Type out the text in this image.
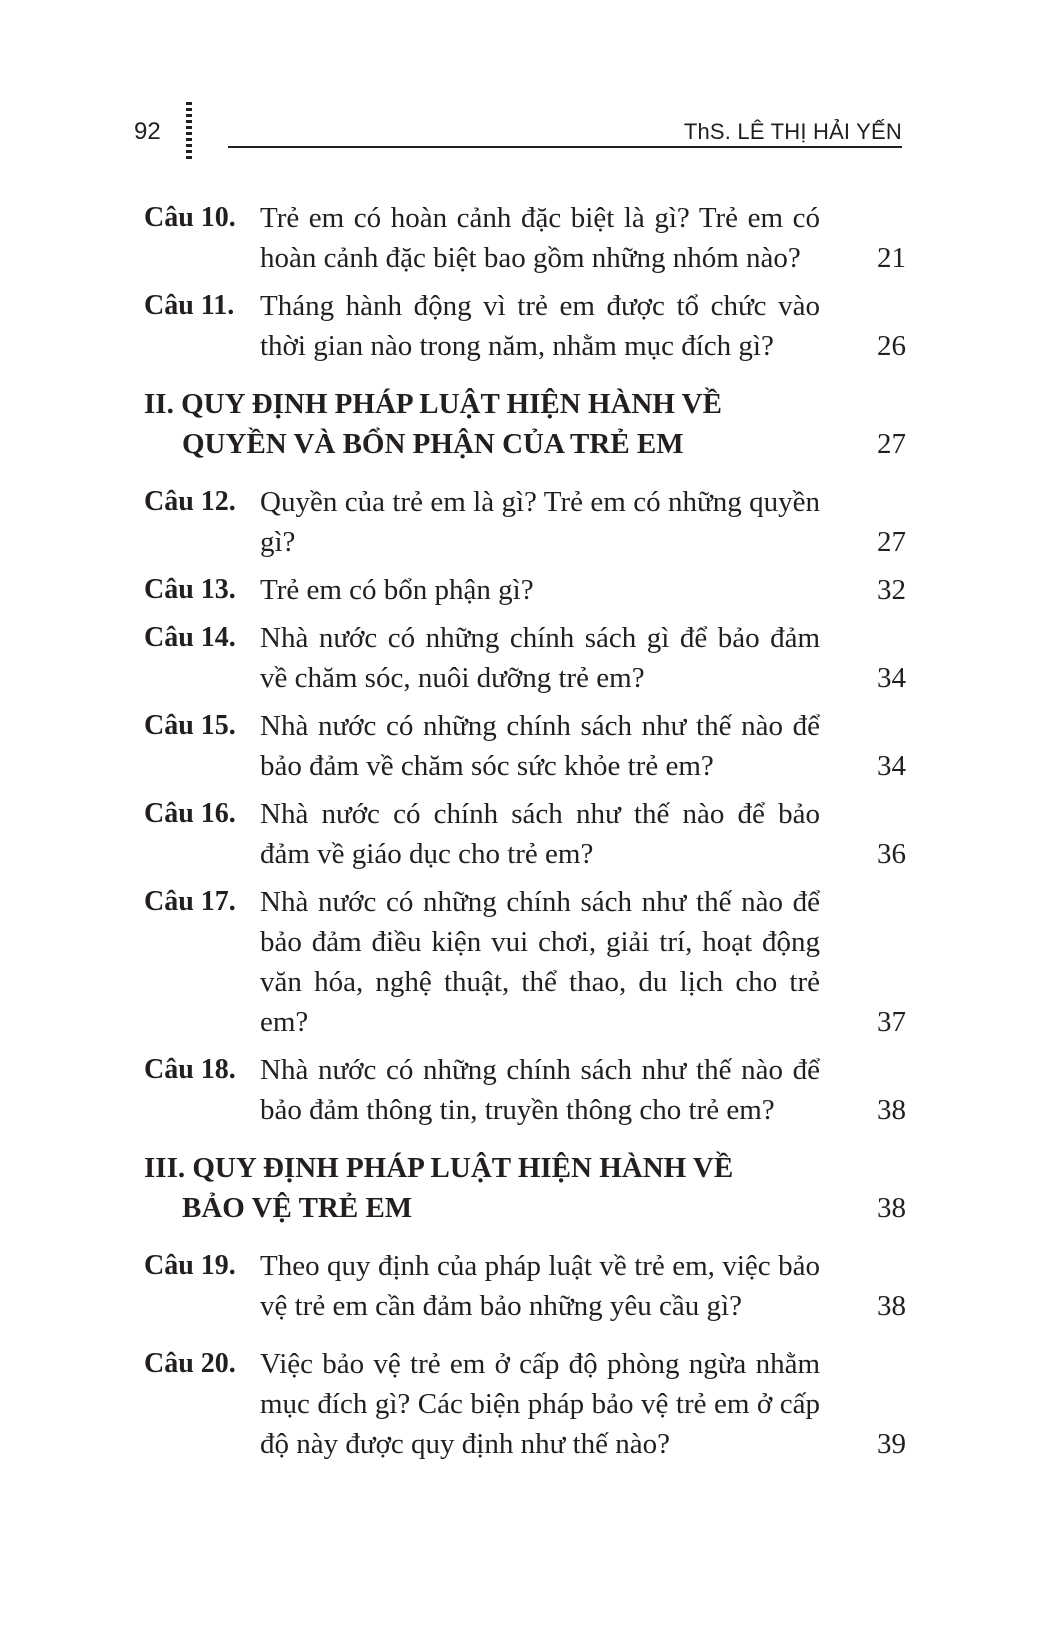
92	ThS. LÊ THỊ HẢI YẾN
Câu 10. Trẻ em có hoàn cảnh đặc biệt là gì? Trẻ em có hoàn cảnh đặc biệt bao gồm những nhóm nào?	21
Câu 11. Tháng hành động vì trẻ em được tổ chức vào thời gian nào trong năm, nhằm mục đích gì?	26
II. QUY ĐỊNH PHÁP LUẬT HIỆN HÀNH VỀ
QUYỀN VÀ BỔN PHẬN CỦA TRẺ EM	27
Câu 12. Quyền của trẻ em là gì? Trẻ em có những quyền gì?	27
Câu 13. Trẻ em có bổn phận gì?	32
Câu 14. Nhà nước có những chính sách gì để bảo đảm về chăm sóc, nuôi dưỡng trẻ em?	34
Câu 15. Nhà nước có những chính sách như thế nào để bảo đảm về chăm sóc sức khỏe trẻ em?	34
Câu 16. Nhà nước có chính sách như thế nào để bảo đảm về giáo dục cho trẻ em?	36
Câu 17. Nhà nước có những chính sách như thế nào để bảo đảm điều kiện vui chơi, giải trí, hoạt động văn hóa, nghệ thuật, thể thao, du lịch cho trẻ em?	37
Câu 18. Nhà nước có những chính sách như thế nào để bảo đảm thông tin, truyền thông cho trẻ em?	38
III. QUY ĐỊNH PHÁP LUẬT HIỆN HÀNH VỀ
BẢO VỆ TRẺ EM	38
Câu 19. Theo quy định của pháp luật về trẻ em, việc bảo vệ trẻ em cần đảm bảo những yêu cầu gì?	38
Câu 20. Việc bảo vệ trẻ em ở cấp độ phòng ngừa nhằm mục đích gì? Các biện pháp bảo vệ trẻ em ở cấp độ này được quy định như thế nào?	39
